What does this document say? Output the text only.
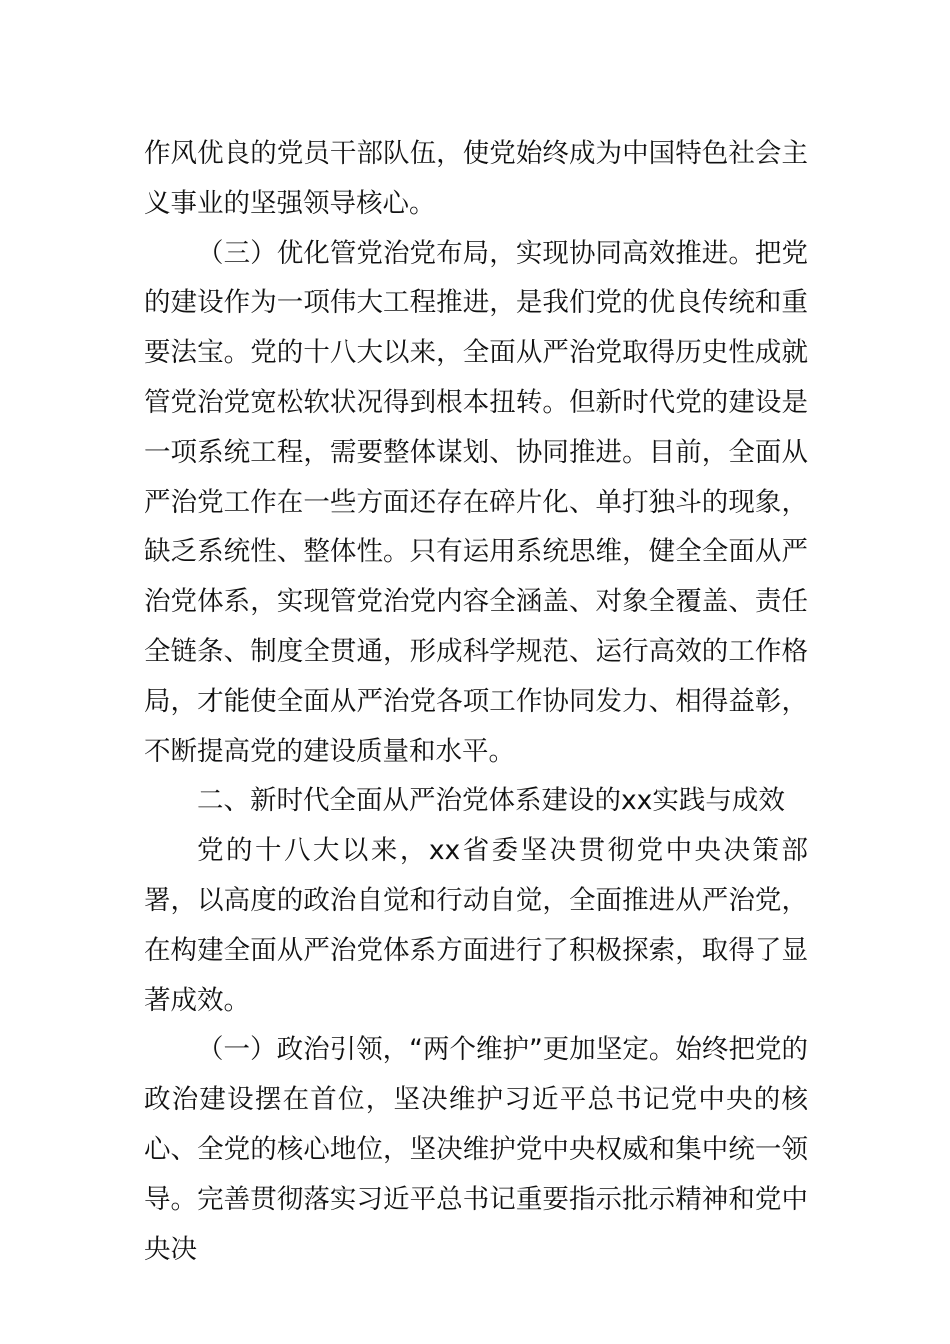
作风优良的党员干部队伍，使党始终成为中国特色社会主义事业的坚强领导核心。

（三）优化管党治党布局，实现协同高效推进。把党的建设作为一项伟大工程推进，是我们党的优良传统和重要法宝。党的十八大以来，全面从严治党取得历史性成就管党治党宽松软状况得到根本扭转。但新时代党的建设是一项系统工程，需要整体谋划、协同推进。目前，全面从严治党工作在一些方面还存在碎片化、单打独斗的现象，缺乏系统性、整体性。只有运用系统思维，健全全面从严治党体系，实现管党治党内容全涵盖、对象全覆盖、责任全链条、制度全贯通，形成科学规范、运行高效的工作格局，才能使全面从严治党各项工作协同发力、相得益彰，不断提高党的建设质量和水平。

二、新时代全面从严治党体系建设的xx实践与成效

党的十八大以来，xx省委坚决贯彻党中央决策部署，以高度的政治自觉和行动自觉，全面推进从严治党，在构建全面从严治党体系方面进行了积极探索，取得了显著成效。

（一）政治引领，“两个维护”更加坚定。始终把党的政治建设摆在首位，坚决维护习近平总书记党中央的核心、全党的核心地位，坚决维护党中央权威和集中统一领导。完善贯彻落实习近平总书记重要指示批示精神和党中央决
